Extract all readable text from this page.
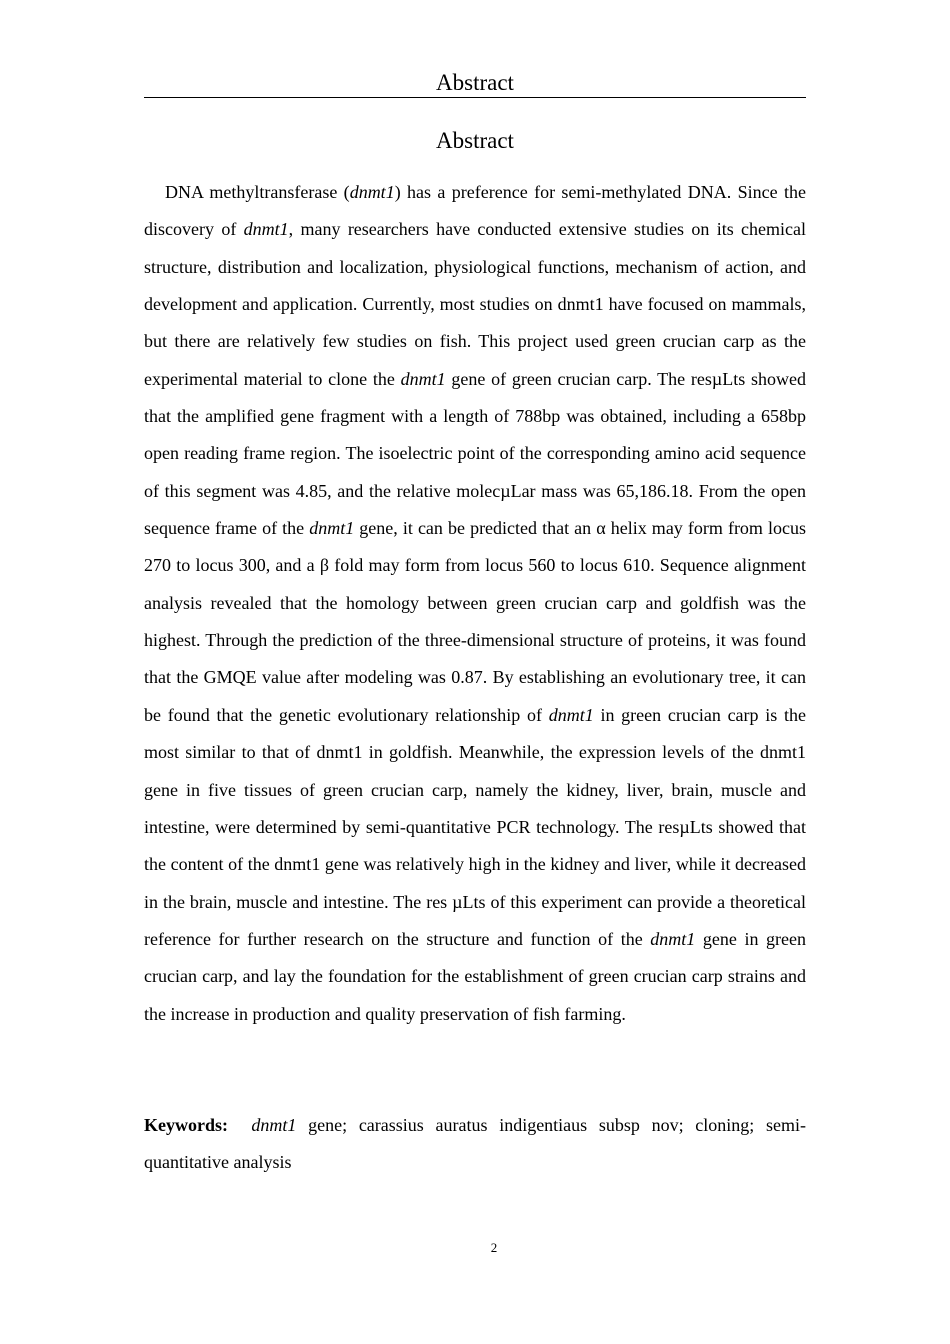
Abstract
Abstract

DNA methyltransferase (dnmt1) has a preference for semi-methylated DNA. Since the discovery of dnmt1, many researchers have conducted extensive studies on its chemical structure, distribution and localization, physiological functions, mechanism of action, and development and application. Currently, most studies on dnmt1 have focused on mammals, but there are relatively few studies on fish. This project used green crucian carp as the experimental material to clone the dnmt1 gene of green crucian carp. The resµLts showed that the amplified gene fragment with a length of 788bp was obtained, including a 658bp open reading frame region. The isoelectric point of the corresponding amino acid sequence of this segment was 4.85, and the relative molecµLar mass was 65,186.18. From the open sequence frame of the dnmt1 gene, it can be predicted that an α helix may form from locus 270 to locus 300, and a β fold may form from locus 560 to locus 610. Sequence alignment analysis revealed that the homology between green crucian carp and goldfish was the highest. Through the prediction of the three-dimensional structure of proteins, it was found that the GMQE value after modeling was 0.87. By establishing an evolutionary tree, it can be found that the genetic evolutionary relationship of dnmt1 in green crucian carp is the most similar to that of dnmt1 in goldfish. Meanwhile, the expression levels of the dnmt1 gene in five tissues of green crucian carp, namely the kidney, liver, brain, muscle and intestine, were determined by semi-quantitative PCR technology. The resµLts showed that the content of the dnmt1 gene was relatively high in the kidney and liver, while it decreased in the brain, muscle and intestine. The res µLts of this experiment can provide a theoretical reference for further research on the structure and function of the dnmt1 gene in green crucian carp, and lay the foundation for the establishment of green crucian carp strains and the increase in production and quality preservation of fish farming.

Keywords: dnmt1 gene; carassius auratus indigentiaus subsp nov; cloning; semi-quantitative analysis

2
